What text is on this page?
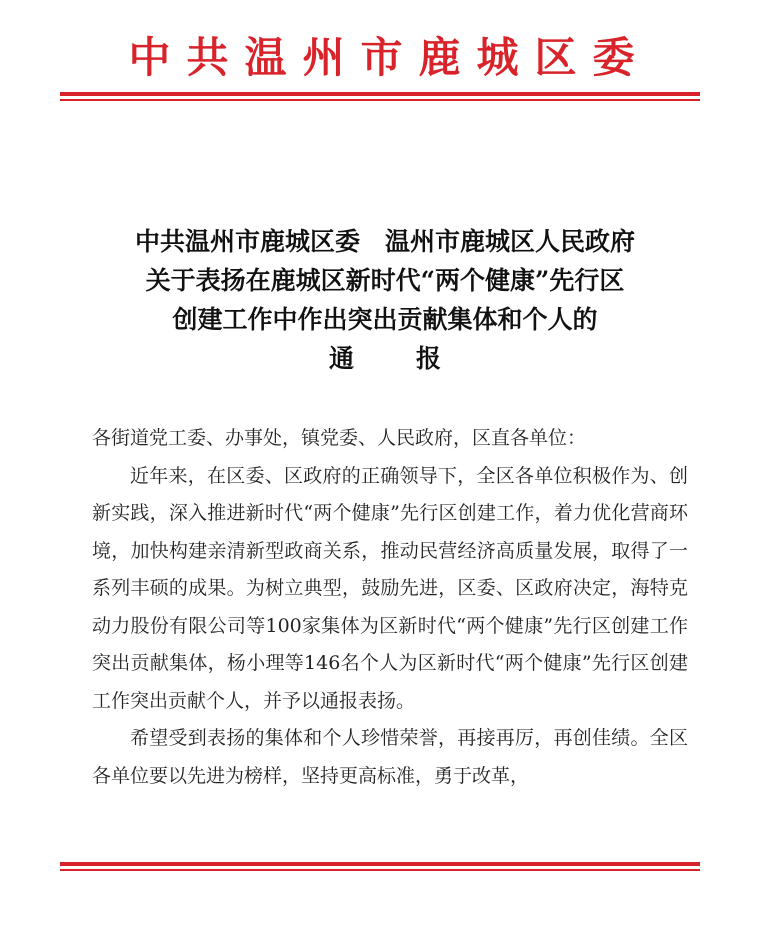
中共温州市鹿城区委
中共温州市鹿城区委　温州市鹿城区人民政府
关于表扬在鹿城区新时代“两个健康”先行区
创建工作中作出突出贡献集体和个人的
通报

各街道党工委、办事处，镇党委、人民政府，区直各单位：

近年来，在区委、区政府的正确领导下，全区各单位积极作为、创新实践，深入推进新时代“两个健康”先行区创建工作，着力优化营商环境，加快构建亲清新型政商关系，推动民营经济高质量发展，取得了一系列丰硕的成果。为树立典型，鼓励先进，区委、区政府决定，海特克动力股份有限公司等100家集体为区新时代“两个健康”先行区创建工作突出贡献集体，杨小理等146名个人为区新时代“两个健康”先行区创建工作突出贡献个人，并予以通报表扬。

希望受到表扬的集体和个人珍惜荣誉，再接再厉，再创佳绩。全区各单位要以先进为榜样，坚持更高标准，勇于改革，
